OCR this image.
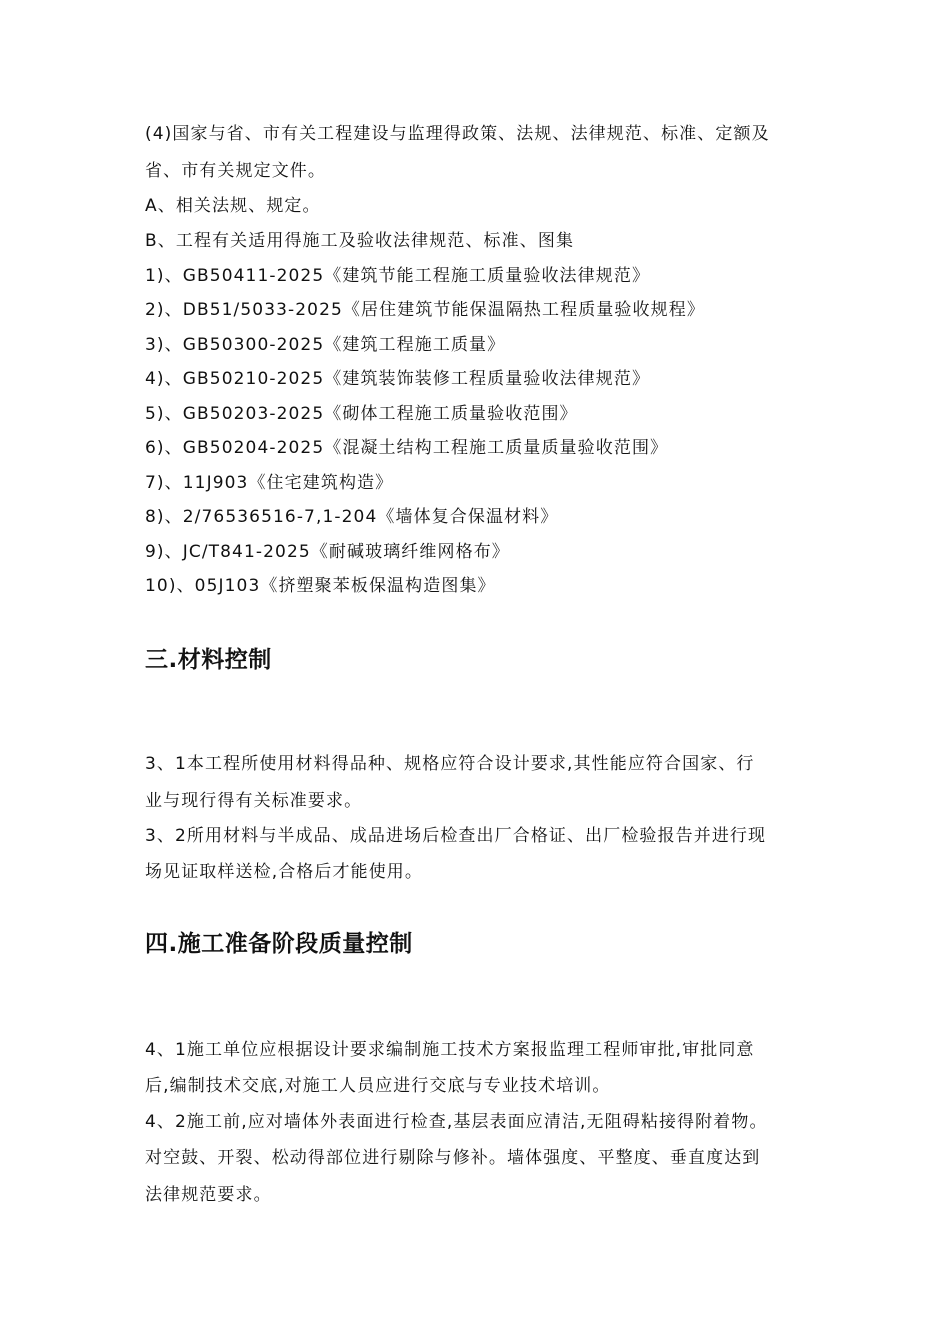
(4)国家与省、市有关工程建设与监理得政策、法规、法律规范、标准、定额及
省、市有关规定文件。
A、相关法规、规定。
B、工程有关适用得施工及验收法律规范、标准、图集
1)、GB50411-2025《建筑节能工程施工质量验收法律规范》
2)、DB51/5033-2025《居住建筑节能保温隔热工程质量验收规程》
3)、GB50300-2025《建筑工程施工质量》
4)、GB50210-2025《建筑装饰装修工程质量验收法律规范》
5)、GB50203-2025《砌体工程施工质量验收范围》
6)、GB50204-2025《混凝土结构工程施工质量质量验收范围》
7)、11J903《住宅建筑构造》
8)、2/76536516-7,1-204《墙体复合保温材料》
9)、JC/T841-2025《耐碱玻璃纤维网格布》
10)、05J103《挤塑聚苯板保温构造图集》
三.材料控制
3、1本工程所使用材料得品种、规格应符合设计要求,其性能应符合国家、行
业与现行得有关标准要求。
3、2所用材料与半成品、成品进场后检查出厂合格证、出厂检验报告并进行现
场见证取样送检,合格后才能使用。
四.施工准备阶段质量控制
4、1施工单位应根据设计要求编制施工技术方案报监理工程师审批,审批同意
后,编制技术交底,对施工人员应进行交底与专业技术培训。
4、2施工前,应对墙体外表面进行检查,基层表面应清洁,无阻碍粘接得附着物。
对空鼓、开裂、松动得部位进行剔除与修补。墙体强度、平整度、垂直度达到
法律规范要求。
